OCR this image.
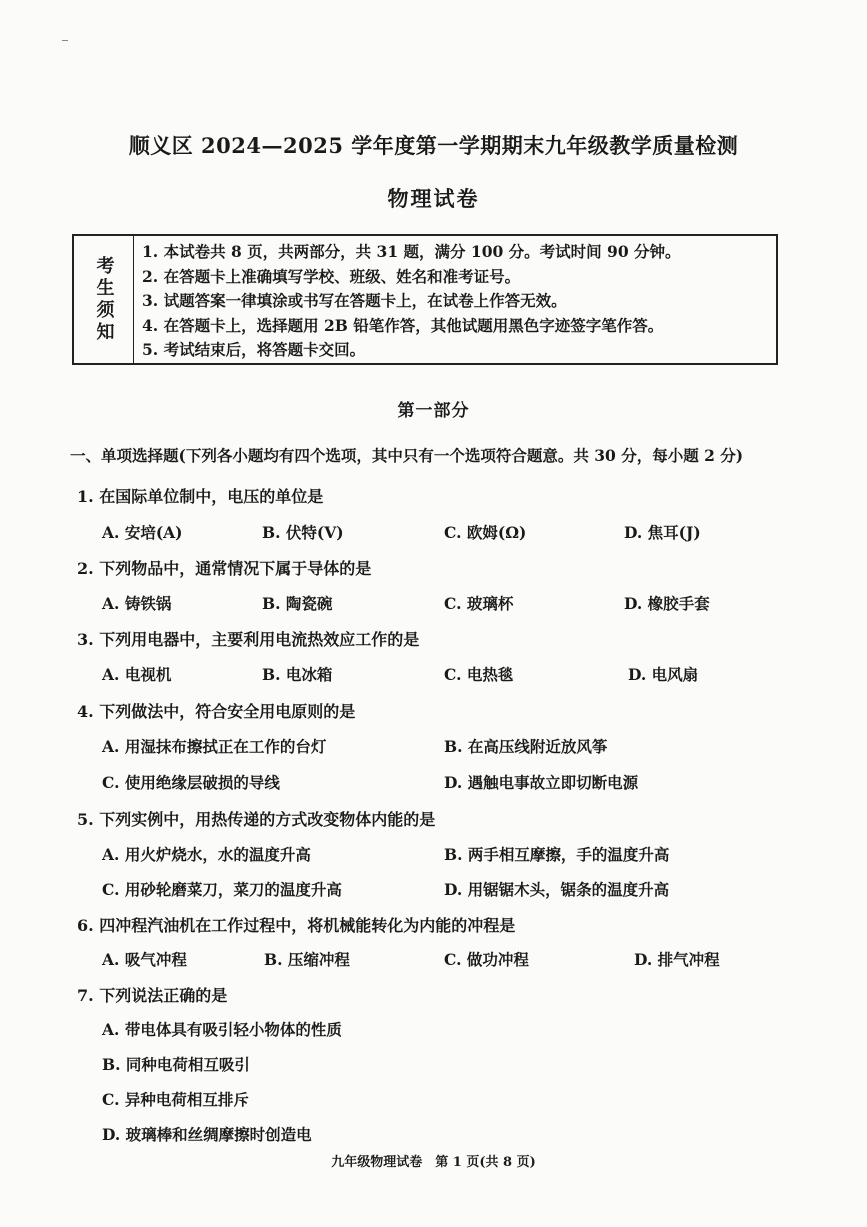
顺义区 2024—2025 学年度第一学期期末九年级教学质量检测
物理试卷
考生须知
1. 本试卷共 8 页，共两部分，共 31 题，满分 100 分。考试时间 90 分钟。
2. 在答题卡上准确填写学校、班级、姓名和准考证号。
3. 试题答案一律填涂或书写在答题卡上，在试卷上作答无效。
4. 在答题卡上，选择题用 2B 铅笔作答，其他试题用黑色字迹签字笔作答。
5. 考试结束后，将答题卡交回。
第一部分
一、单项选择题(下列各小题均有四个选项，其中只有一个选项符合题意。共 30 分，每小题 2 分)
1. 在国际单位制中，电压的单位是
A. 安培(A)	B. 伏特(V)	C. 欧姆(Ω)	D. 焦耳(J)
2. 下列物品中，通常情况下属于导体的是
A. 铸铁锅	B. 陶瓷碗	C. 玻璃杯	D. 橡胶手套
3. 下列用电器中，主要利用电流热效应工作的是
A. 电视机	B. 电冰箱	C. 电热毯	D. 电风扇
4. 下列做法中，符合安全用电原则的是
A. 用湿抹布擦拭正在工作的台灯	B. 在高压线附近放风筝
C. 使用绝缘层破损的导线	D. 遇触电事故立即切断电源
5. 下列实例中，用热传递的方式改变物体内能的是
A. 用火炉烧水，水的温度升高	B. 两手相互摩擦，手的温度升高
C. 用砂轮磨菜刀，菜刀的温度升高	D. 用锯锯木头，锯条的温度升高
6. 四冲程汽油机在工作过程中，将机械能转化为内能的冲程是
A. 吸气冲程	B. 压缩冲程	C. 做功冲程	D. 排气冲程
7. 下列说法正确的是
A. 带电体具有吸引轻小物体的性质
B. 同种电荷相互吸引
C. 异种电荷相互排斥
D. 玻璃棒和丝绸摩擦时创造电
九年级物理试卷　第 1 页(共 8 页)
